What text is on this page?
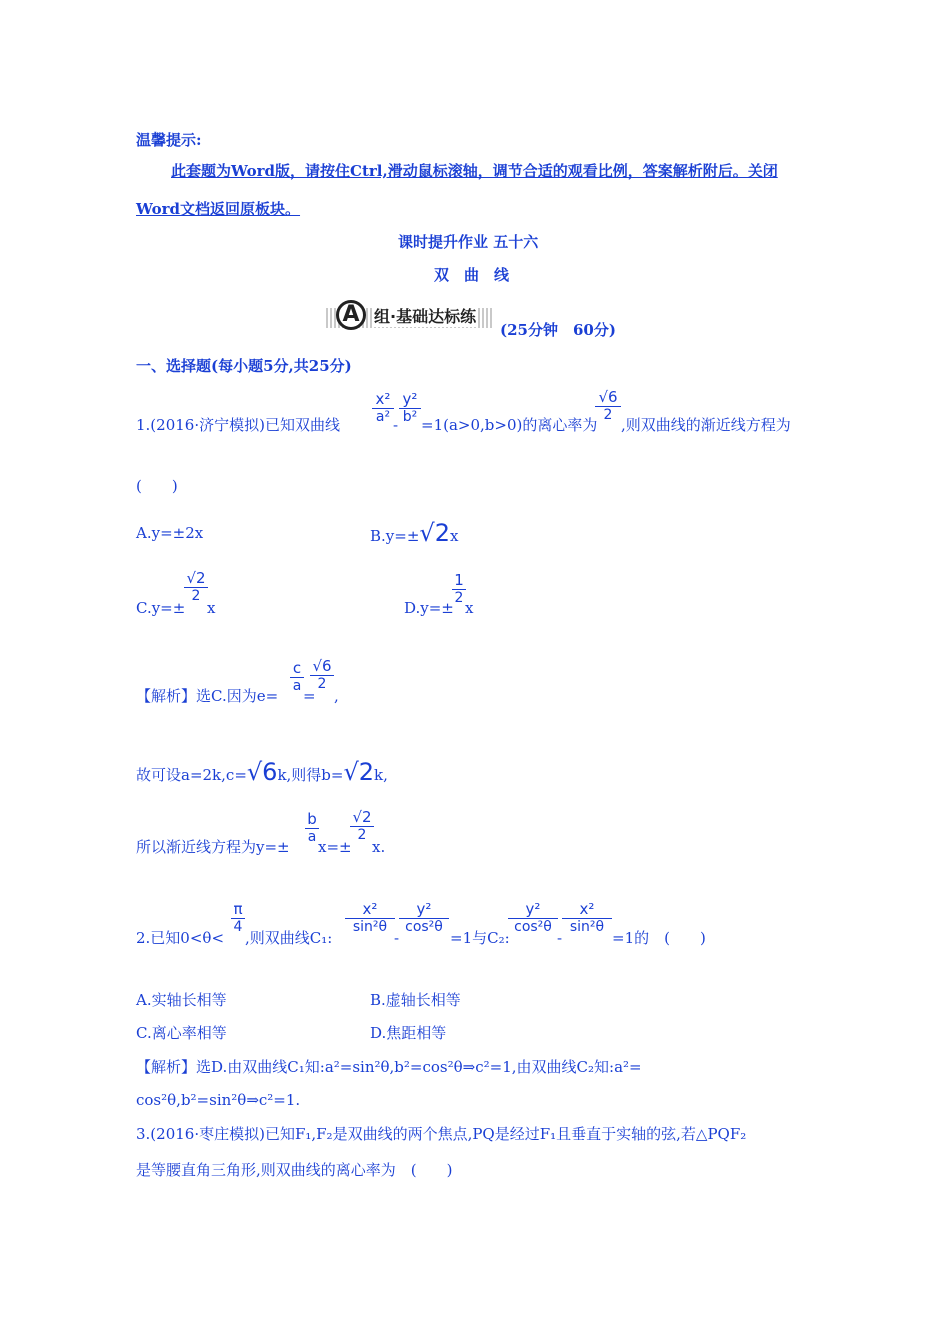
温馨提示:
此套题为Word版，请按住Ctrl,滑动鼠标滚轴，调节合适的观看比例，答案解析附后。关闭
Word文档返回原板块。
课时提升作业 五十六
双　曲　线
A 组·基础达标练
(25分钟　60分)
一、选择题(每小题5分,共25分)
1.(2016·济宁模拟)已知双曲线
x²
a² -
y²
b² =1(a>0,b>0)的离心率为
√6
2
,则双曲线的渐近线方程为
(　　)
A.y=±2x	B.y=±√2x
C.y=±
√2
2
x	D.y=±
1
2
x
【解析】选C.因为e=
c
a
=
√6
2
,
故可设a=2k,c=√6k,则得b=√2k,
所以渐近线方程为y=±
b
a
x=±
√2
2
x.
2.已知0<θ<
π
4
,则双曲线C₁:
x²
sin²θ
-
y²
cos²θ
=1与C₂:
y²
cos²θ
-
x²
sin²θ
=1的　(　　)
A.实轴长相等	B.虚轴长相等
C.离心率相等	D.焦距相等
【解析】选D.由双曲线C₁知:a²=sin²θ,b²=cos²θ⇒c²=1,由双曲线C₂知:a²=
cos²θ,b²=sin²θ⇒c²=1.
3.(2016·枣庄模拟)已知F₁,F₂是双曲线的两个焦点,PQ是经过F₁且垂直于实轴的弦,若△PQF₂
是等腰直角三角形,则双曲线的离心率为　(　　)
